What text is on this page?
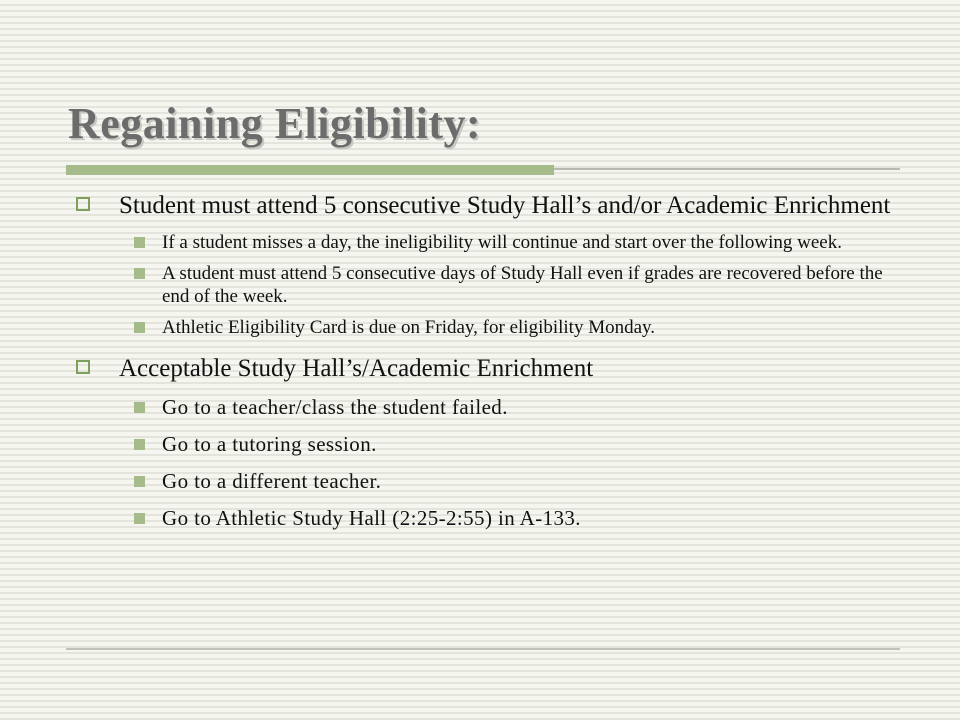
Regaining Eligibility:
Student must attend 5 consecutive Study Hall’s and/or Academic Enrichment
If a student misses a day, the ineligibility will continue and start over the following week.
A student must attend 5 consecutive days of Study Hall even if grades are recovered before the end of the week.
Athletic Eligibility Card is due on Friday, for eligibility Monday.
Acceptable Study Hall’s/Academic Enrichment
Go to a teacher/class the student failed.
Go to a tutoring session.
Go to a different teacher.
Go to Athletic Study Hall (2:25-2:55) in A-133.
